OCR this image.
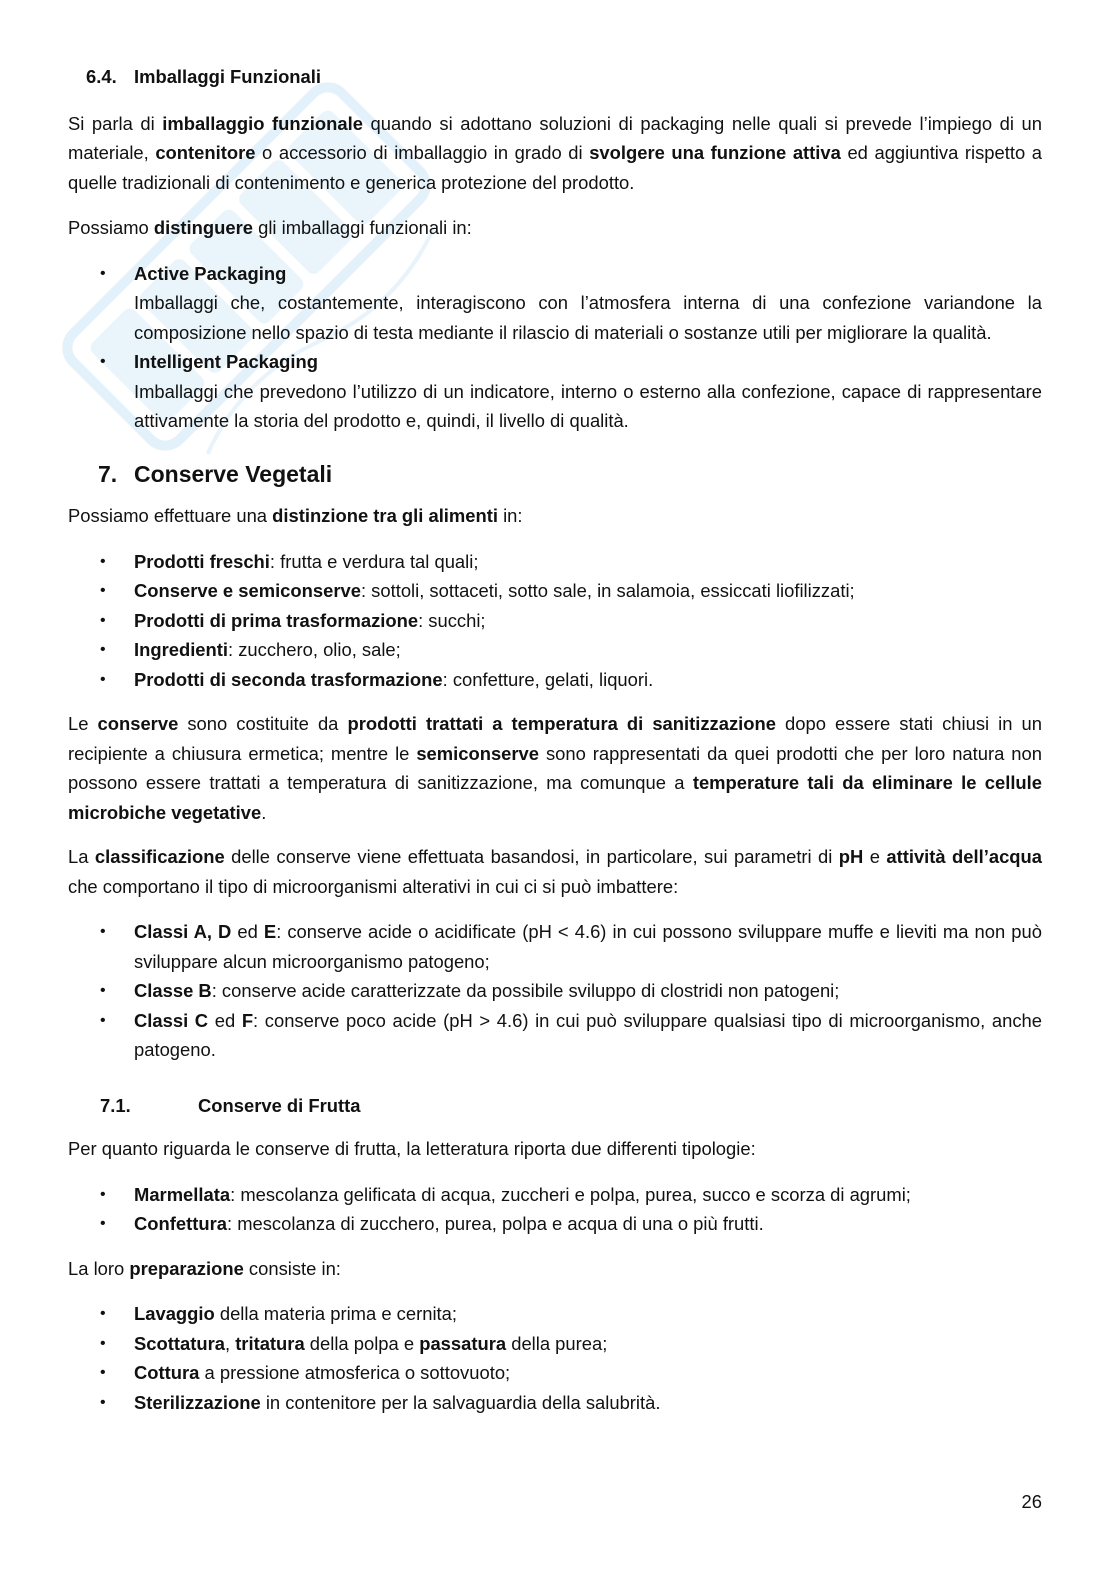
6.4. Imballaggi Funzionali

Si parla di imballaggio funzionale quando si adottano soluzioni di packaging nelle quali si prevede l’impiego di un materiale, contenitore o accessorio di imballaggio in grado di svolgere una funzione attiva ed aggiuntiva rispetto a quelle tradizionali di contenimento e generica protezione del prodotto.

Possiamo distinguere gli imballaggi funzionali in:

• Active Packaging
Imballaggi che, costantemente, interagiscono con l’atmosfera interna di una confezione variandone la composizione nello spazio di testa mediante il rilascio di materiali o sostanze utili per migliorare la qualità.
• Intelligent Packaging
Imballaggi che prevedono l’utilizzo di un indicatore, interno o esterno alla confezione, capace di rappresentare attivamente la storia del prodotto e, quindi, il livello di qualità.

7. Conserve Vegetali

Possiamo effettuare una distinzione tra gli alimenti in:

• Prodotti freschi: frutta e verdura tal quali;
• Conserve e semiconserve: sottoli, sottaceti, sotto sale, in salamoia, essiccati liofilizzati;
• Prodotti di prima trasformazione: succhi;
• Ingredienti: zucchero, olio, sale;
• Prodotti di seconda trasformazione: confetture, gelati, liquori.

Le conserve sono costituite da prodotti trattati a temperatura di sanitizzazione dopo essere stati chiusi in un recipiente a chiusura ermetica; mentre le semiconserve sono rappresentati da quei prodotti che per loro natura non possono essere trattati a temperatura di sanitizzazione, ma comunque a temperature tali da eliminare le cellule microbiche vegetative.

La classificazione delle conserve viene effettuata basandosi, in particolare, sui parametri di pH e attività dell’acqua che comportano il tipo di microorganismi alterativi in cui ci si può imbattere:

• Classi A, D ed E: conserve acide o acidificate (pH < 4.6) in cui possono sviluppare muffe e lieviti ma non può sviluppare alcun microorganismo patogeno;
• Classe B: conserve acide caratterizzate da possibile sviluppo di clostridi non patogeni;
• Classi C ed F: conserve poco acide (pH > 4.6) in cui può sviluppare qualsiasi tipo di microorganismo, anche patogeno.

7.1.	Conserve di Frutta

Per quanto riguarda le conserve di frutta, la letteratura riporta due differenti tipologie:

• Marmellata: mescolanza gelificata di acqua, zuccheri e polpa, purea, succo e scorza di agrumi;
• Confettura: mescolanza di zucchero, purea, polpa e acqua di una o più frutti.

La loro preparazione consiste in:

• Lavaggio della materia prima e cernita;
• Scottatura, tritatura della polpa e passatura della purea;
• Cottura a pressione atmosferica o sottovuoto;
• Sterilizzazione in contenitore per la salvaguardia della salubrità.
26
